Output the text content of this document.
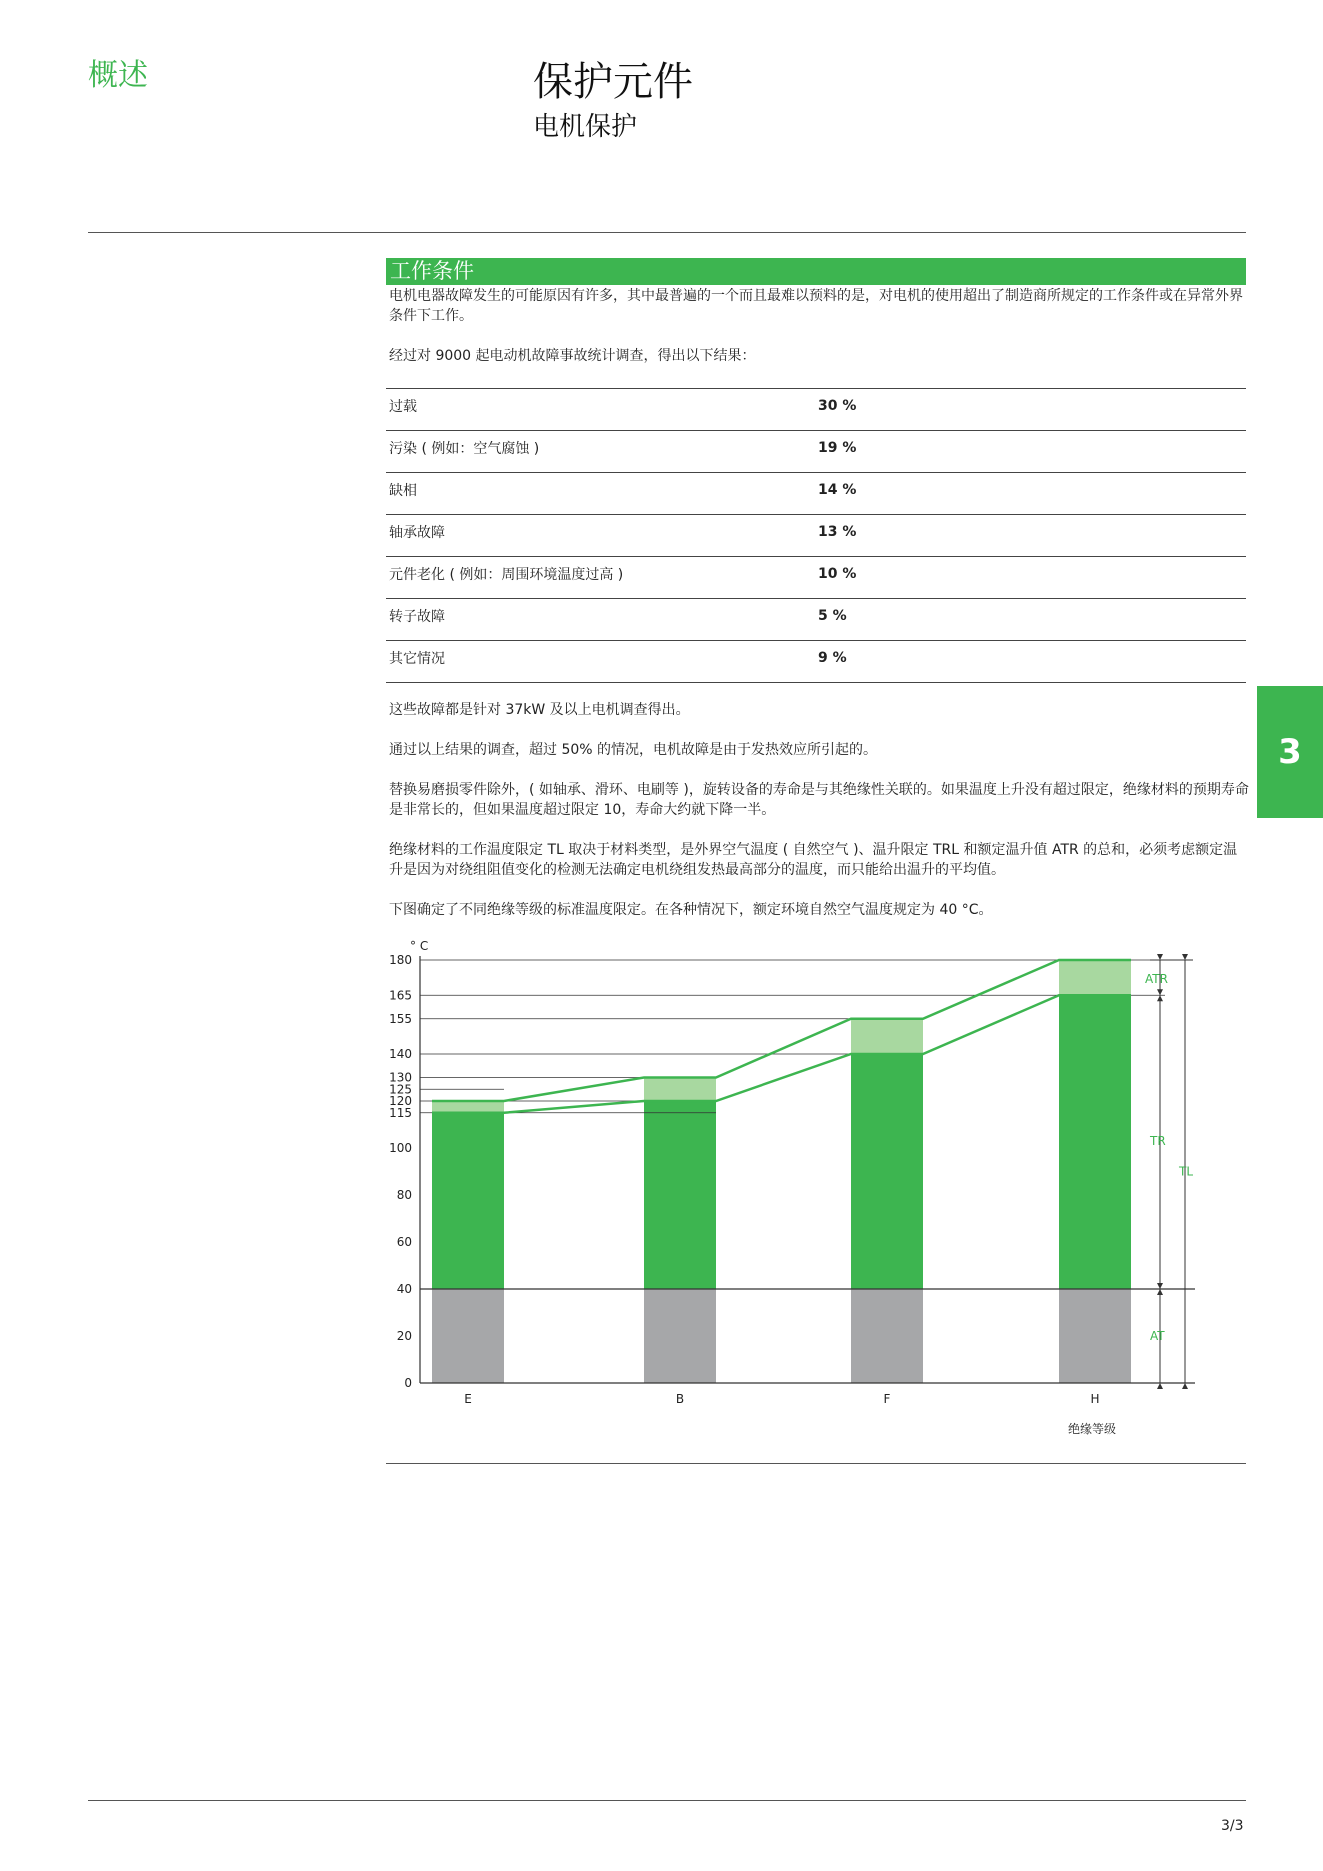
概述	保护元件
电机保护
3
工作条件
电机电器故障发生的可能原因有许多，其中最普遍的一个而且最难以预料的是，对电机的使用超出了制造商所规定的工作条件或在异常外界条件下工作。
经过对 9000 起电动机故障事故统计调查，得出以下结果：
过载	30 %
污染 ( 例如：空气腐蚀 )	19 %
缺相	14 %
轴承故障	13 %
元件老化 ( 例如：周围环境温度过高 )	10 %
转子故障	5 %
其它情况	9 %
这些故障都是针对 37kW 及以上电机调查得出。
通过以上结果的调查，超过 50% 的情况，电机故障是由于发热效应所引起的。
替换易磨损零件除外，( 如轴承、滑环、电刷等 )，旋转设备的寿命是与其绝缘性关联的。如果温度上升没有超过限定，绝缘材料的预期寿命是非常长的，但如果温度超过限定 10，寿命大约就下降一半。
绝缘材料的工作温度限定 TL 取决于材料类型，是外界空气温度 ( 自然空气 )、温升限定 TRL 和额定温升值 ATR 的总和，必须考虑额定温升是因为对绕组阻值变化的检测无法确定电机绕组发热最高部分的温度，而只能给出温升的平均值。
下图确定了不同绝缘等级的标准温度限定。在各种情况下，额定环境自然空气温度规定为 40 °C。
E	B	F	H
0
20
40
60
80
100
115
120
125
130
140
155
165
180
° C
ATR
TR
TL
AT
绝缘等级
3/3
